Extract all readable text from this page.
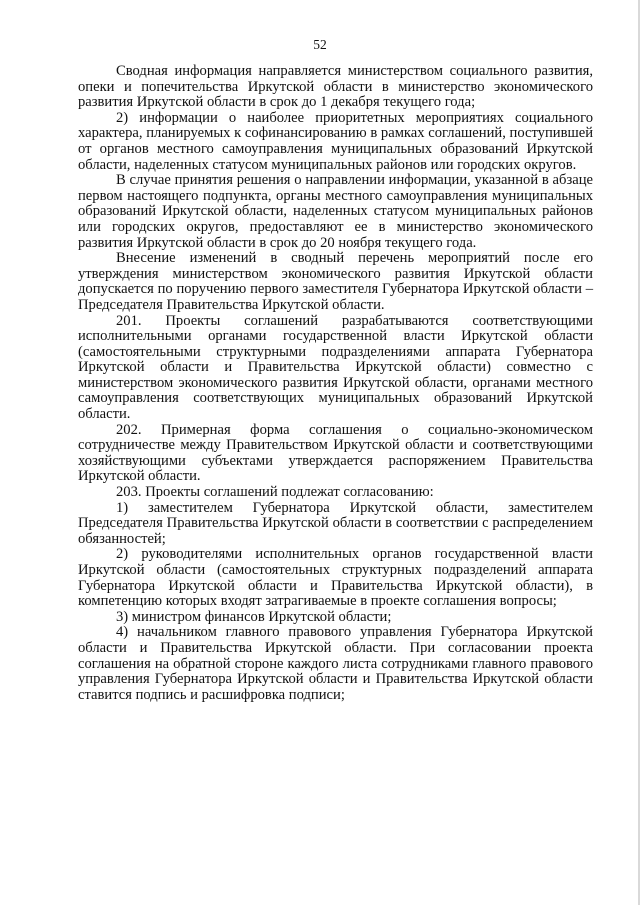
52

Сводная информация направляется министерством социального развития, опеки и попечительства Иркутской области в министерство экономического развития Иркутской области в срок до 1 декабря текущего года;

2) информации о наиболее приоритетных мероприятиях социального характера, планируемых к софинансированию в рамках соглашений, поступившей от органов местного самоуправления муниципальных образований Иркутской области, наделенных статусом муниципальных районов или городских округов.

В случае принятия решения о направлении информации, указанной в абзаце первом настоящего подпункта, органы местного самоуправления муниципальных образований Иркутской области, наделенных статусом муниципальных районов или городских округов, предоставляют ее в министерство экономического развития Иркутской области в срок до 20 ноября текущего года.

Внесение изменений в сводный перечень мероприятий после его утверждения министерством экономического развития Иркутской области допускается по поручению первого заместителя Губернатора Иркутской области – Председателя Правительства Иркутской области.

201. Проекты соглашений разрабатываются соответствующими исполнительными органами государственной власти Иркутской области (самостоятельными структурными подразделениями аппарата Губернатора Иркутской области и Правительства Иркутской области) совместно с министерством экономического развития Иркутской области, органами местного самоуправления соответствующих муниципальных образований Иркутской области.

202. Примерная форма соглашения о социально-экономическом сотрудничестве между Правительством Иркутской области и соответствующими хозяйствующими субъектами утверждается распоряжением Правительства Иркутской области.

203. Проекты соглашений подлежат согласованию:

1) заместителем Губернатора Иркутской области, заместителем Председателя Правительства Иркутской области в соответствии с распределением обязанностей;

2) руководителями исполнительных органов государственной власти Иркутской области (самостоятельных структурных подразделений аппарата Губернатора Иркутской области и Правительства Иркутской области), в компетенцию которых входят затрагиваемые в проекте соглашения вопросы;

3) министром финансов Иркутской области;

4) начальником главного правового управления Губернатора Иркутской области и Правительства Иркутской области. При согласовании проекта соглашения на обратной стороне каждого листа сотрудниками главного правового управления Губернатора Иркутской области и Правительства Иркутской области ставится подпись и расшифровка подписи;
